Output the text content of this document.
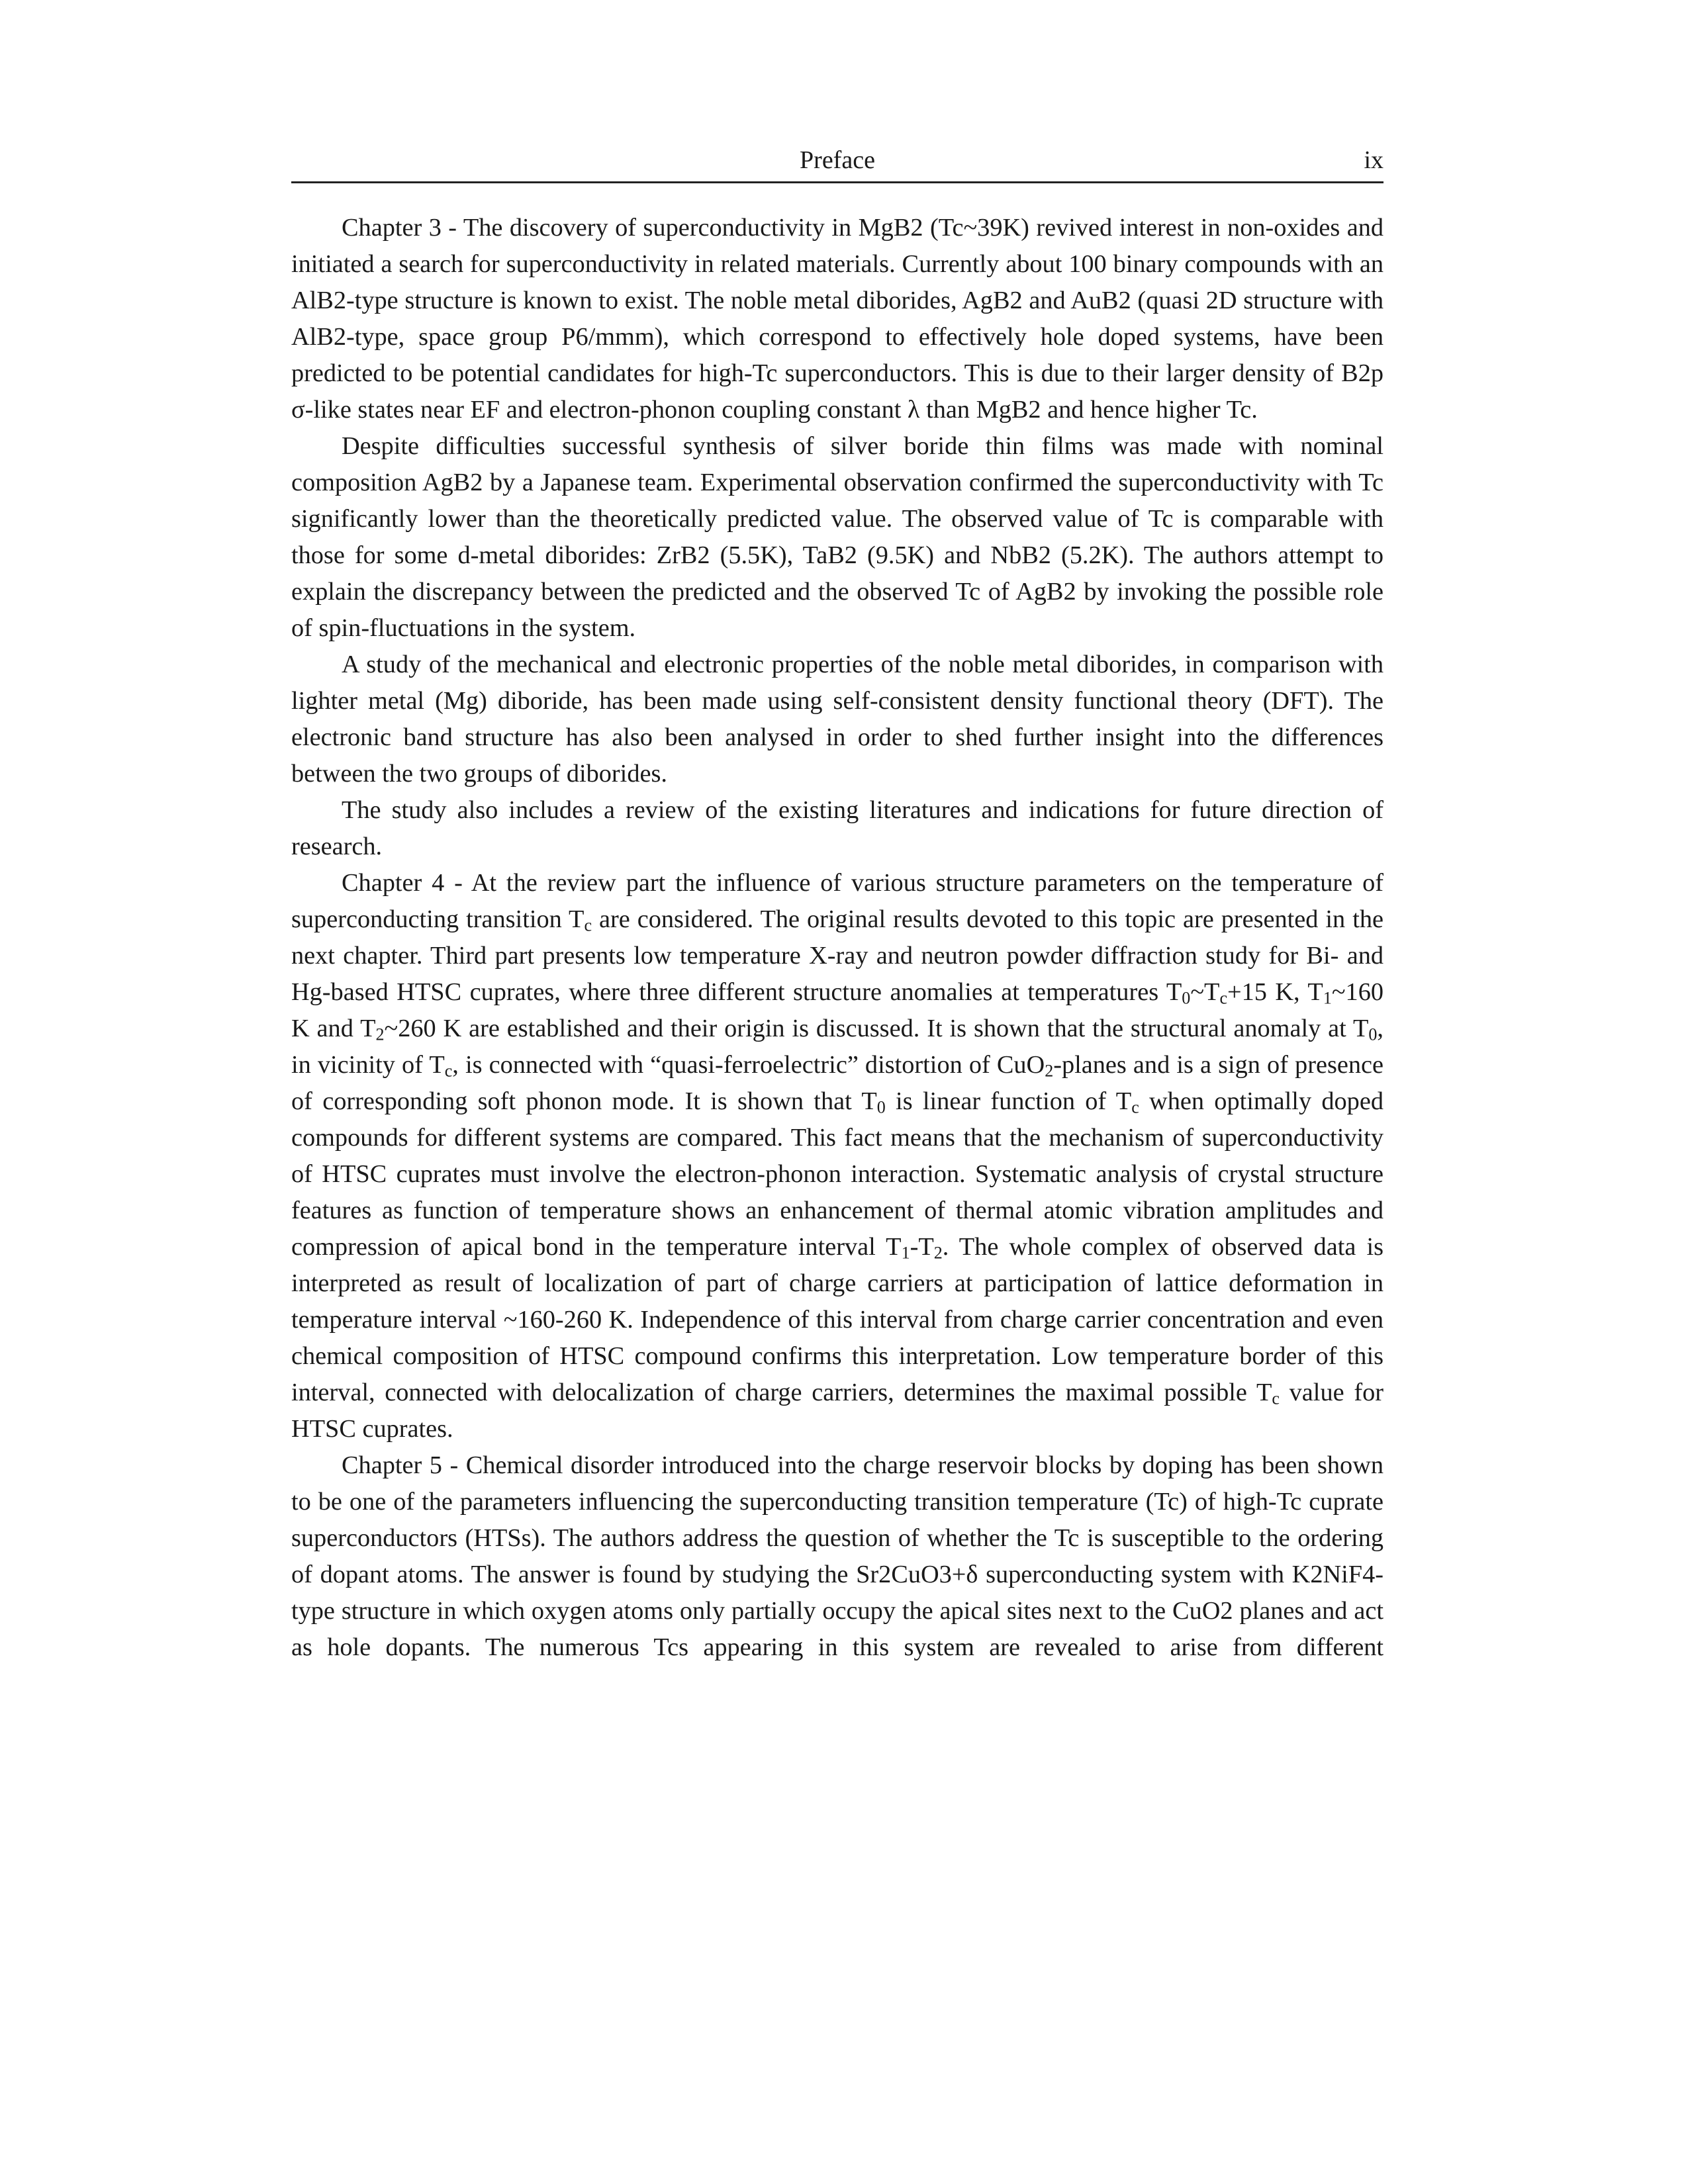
Preface	ix

Chapter 3 - The discovery of superconductivity in MgB2 (Tc~39K) revived interest in non-oxides and initiated a search for superconductivity in related materials. Currently about 100 binary compounds with an AlB2-type structure is known to exist. The noble metal diborides, AgB2 and AuB2 (quasi 2D structure with AlB2-type, space group P6/mmm), which correspond to effectively hole doped systems, have been predicted to be potential candidates for high-Tc superconductors. This is due to their larger density of B2p σ-like states near EF and electron-phonon coupling constant λ than MgB2 and hence higher Tc.

Despite difficulties successful synthesis of silver boride thin films was made with nominal composition AgB2 by a Japanese team. Experimental observation confirmed the superconductivity with Tc significantly lower than the theoretically predicted value. The observed value of Tc is comparable with those for some d-metal diborides: ZrB2 (5.5K), TaB2 (9.5K) and NbB2 (5.2K). The authors attempt to explain the discrepancy between the predicted and the observed Tc of AgB2 by invoking the possible role of spin-fluctuations in the system.

A study of the mechanical and electronic properties of the noble metal diborides, in comparison with lighter metal (Mg) diboride, has been made using self-consistent density functional theory (DFT). The electronic band structure has also been analysed in order to shed further insight into the differences between the two groups of diborides.

The study also includes a review of the existing literatures and indications for future direction of research.

Chapter 4 - At the review part the influence of various structure parameters on the temperature of superconducting transition $T_c$ are considered. The original results devoted to this topic are presented in the next chapter. Third part presents low temperature X-ray and neutron powder diffraction study for Bi- and Hg-based HTSC cuprates, where three different structure anomalies at temperatures $T_0\sim T_c+15$ K, $T_1\sim 160$ K and $T_2\sim 260$ K are established and their origin is discussed. It is shown that the structural anomaly at $T_0$, in vicinity of $T_c$, is connected with “quasi-ferroelectric” distortion of CuO$_2$-planes and is a sign of presence of corresponding soft phonon mode. It is shown that $T_0$ is linear function of $T_c$ when optimally doped compounds for different systems are compared. This fact means that the mechanism of superconductivity of HTSC cuprates must involve the electron-phonon interaction. Systematic analysis of crystal structure features as function of temperature shows an enhancement of thermal atomic vibration amplitudes and compression of apical bond in the temperature interval $T_1-T_2$. The whole complex of observed data is interpreted as result of localization of part of charge carriers at participation of lattice deformation in temperature interval ~160-260 K. Independence of this interval from charge carrier concentration and even chemical composition of HTSC compound confirms this interpretation. Low temperature border of this interval, connected with delocalization of charge carriers, determines the maximal possible $T_c$ value for HTSC cuprates.

Chapter 5 - Chemical disorder introduced into the charge reservoir blocks by doping has been shown to be one of the parameters influencing the superconducting transition temperature (Tc) of high-Tc cuprate superconductors (HTSs). The authors address the question of whether the Tc is susceptible to the ordering of dopant atoms. The answer is found by studying the Sr2CuO3+δ superconducting system with K2NiF4-type structure in which oxygen atoms only partially occupy the apical sites next to the CuO2 planes and act as hole dopants. The numerous Tcs appearing in this system are revealed to arise from different
